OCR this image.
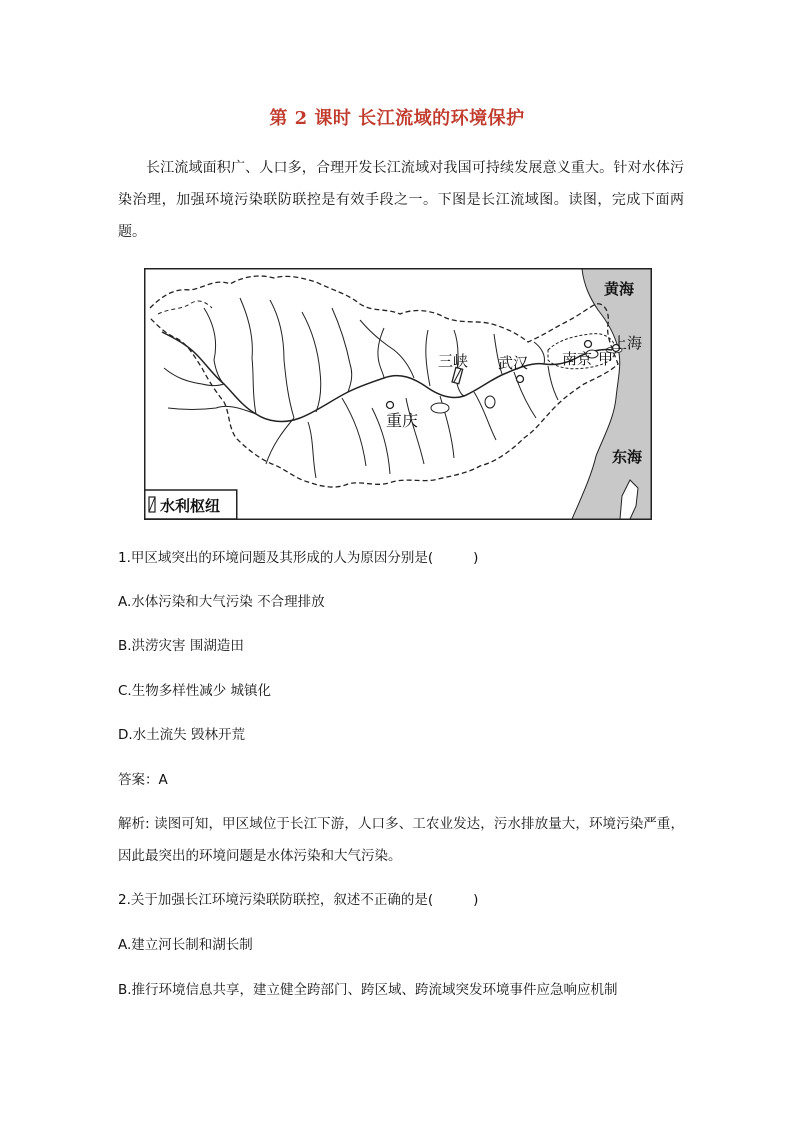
第 2 课时 长江流域的环境保护
长江流域面积广、人口多，合理开发长江流域对我国可持续发展意义重大。针对水体污染治理，加强环境污染联防联控是有效手段之一。下图是长江流域图。读图，完成下面两题。
黄海
上海
东海
三峡 武汉 南京 甲
重庆
水利枢纽
1.甲区域突出的环境问题及其形成的人为原因分别是(	)
A.水体污染和大气污染 不合理排放
B.洪涝灾害 围湖造田
C.生物多样性减少 城镇化
D.水土流失 毁林开荒
答案：A
解析: 读图可知，甲区域位于长江下游，人口多、工农业发达，污水排放量大，环境污染严重，因此最突出的环境问题是水体污染和大气污染。
2.关于加强长江环境污染联防联控，叙述不正确的是(	)
A.建立河长制和湖长制
B.推行环境信息共享，建立健全跨部门、跨区域、跨流域突发环境事件应急响应机制
